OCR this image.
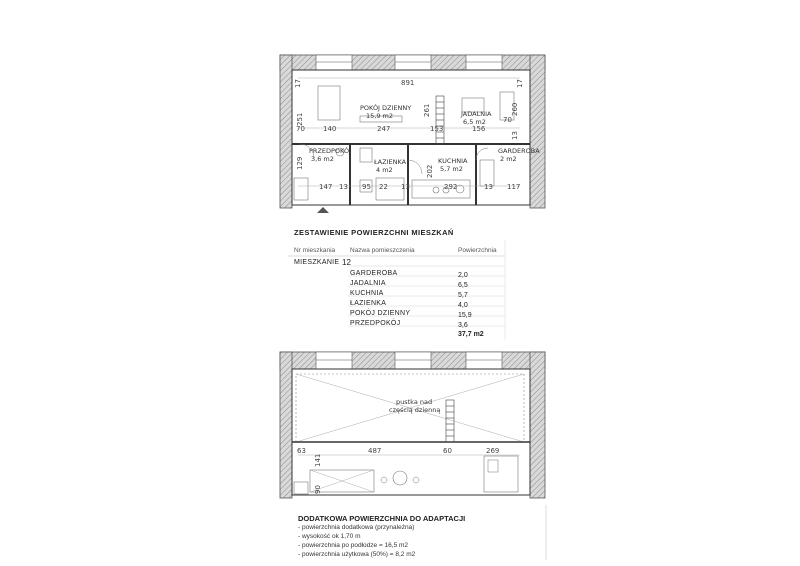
POKÓJ DZIENNY
15,9 m2	JADALNIA
6,5 m2
PRZEDPOKÓJ
3,6 m2	ŁAZIENKA
4 m2
KUCHNIA
5,7 m2
GARDEROBA
2 m2
891
17	17
251
261	260
70	140	247	153	156
70
13
129
202
147 13 95 22 13	292	13 117
ZESTAWIENIE POWIERZCHNI MIESZKAŃ
Nr mieszkania Nazwa pomieszczenia	Powierzchnia
MIESZKANIE 12
GARDEROBA	2,0
JADALNIA	6,5
KUCHNIA	5,7
ŁAZIENKA	4,0
POKÓJ DZIENNY	15,9
PRZEDPOKÓJ	3,6
37,7 m2
pustka nad
częścią dzienną
63
141
487	60	269
90
DODATKOWA POWIERZCHNIA DO ADAPTACJI
- powierzchnia dodatkowa (przynależna)
- wysokość ok 1,70 m
- powierzchnia po podłodze = 16,5 m2
- powierzchnia użytkowa (50%) = 8,2 m2
